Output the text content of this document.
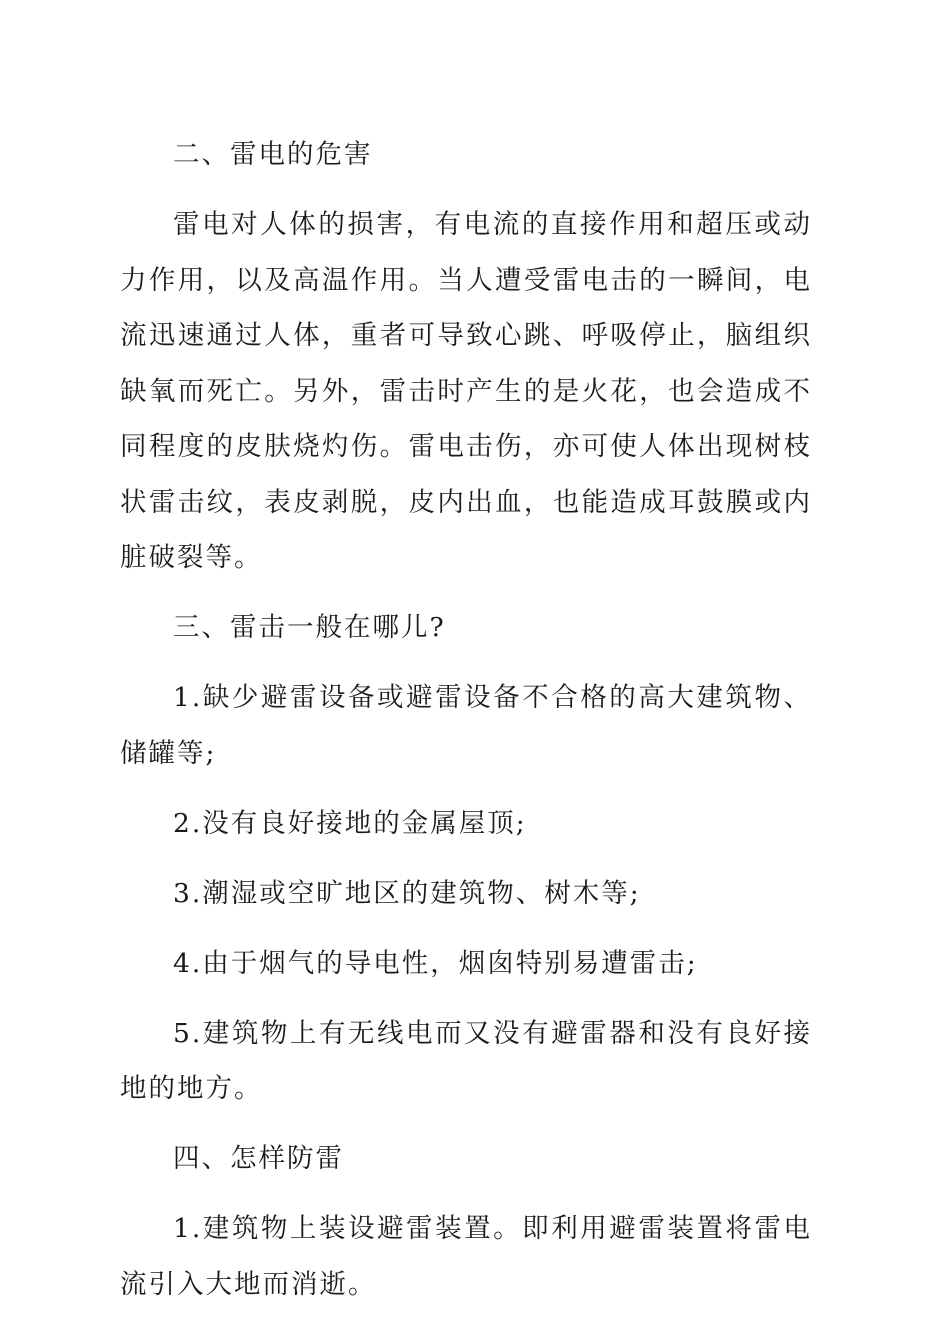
二、雷电的危害

雷电对人体的损害，有电流的直接作用和超压或动力作用，以及高温作用。当人遭受雷电击的一瞬间，电流迅速通过人体，重者可导致心跳、呼吸停止，脑组织缺氧而死亡。另外，雷击时产生的是火花，也会造成不同程度的皮肤烧灼伤。雷电击伤，亦可使人体出现树枝状雷击纹，表皮剥脱，皮内出血，也能造成耳鼓膜或内脏破裂等。

三、雷击一般在哪儿?

1.缺少避雷设备或避雷设备不合格的高大建筑物、储罐等;

2.没有良好接地的金属屋顶;

3.潮湿或空旷地区的建筑物、树木等;

4.由于烟气的导电性，烟囱特别易遭雷击;

5.建筑物上有无线电而又没有避雷器和没有良好接地的地方。

四、怎样防雷

1.建筑物上装设避雷装置。即利用避雷装置将雷电流引入大地而消逝。
